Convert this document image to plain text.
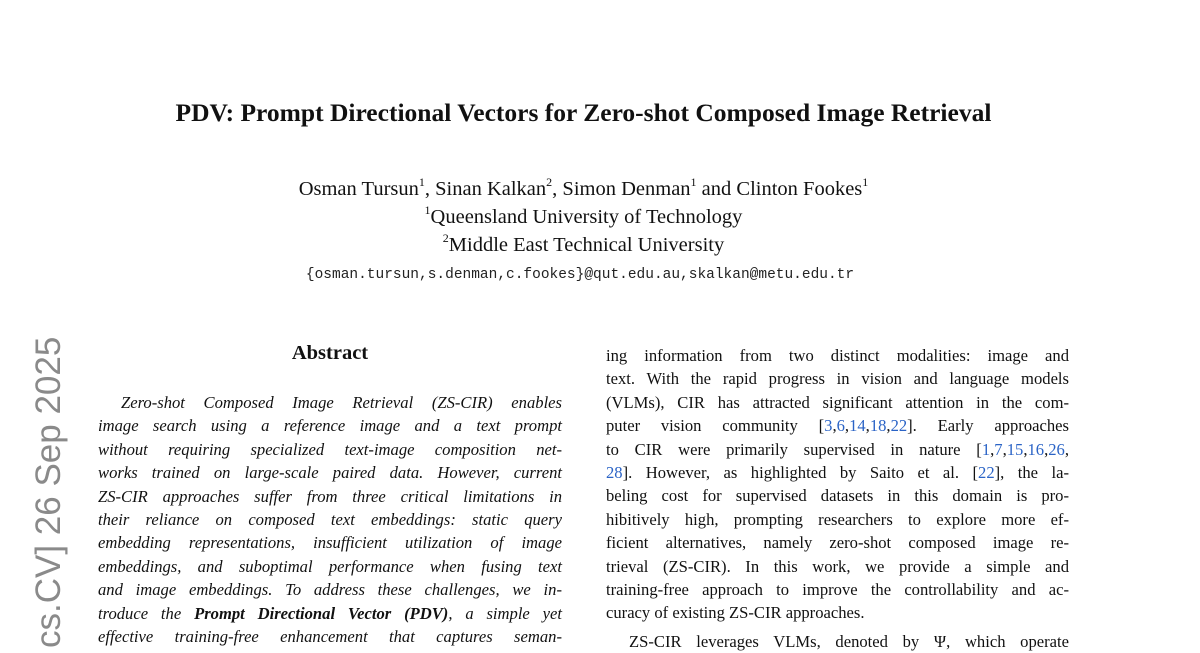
cs.CV] 26 Sep 2025
PDV: Prompt Directional Vectors for Zero-shot Composed Image Retrieval
Osman Tursun$^1$, Sinan Kalkan$^2$, Simon Denman$^1$ and Clinton Fookes$^1$
$^1$Queensland University of Technology
$^2$Middle East Technical University
{osman.tursun,s.denman,c.fookes}@qut.edu.au,skalkan@metu.edu.tr
Abstract
Zero-shot Composed Image Retrieval (ZS-CIR) enables
image search using a reference image and a text prompt
without requiring specialized text-image composition net-
works trained on large-scale paired data. However, current
ZS-CIR approaches suffer from three critical limitations in
their reliance on composed text embeddings: static query
embedding representations, insufficient utilization of image
embeddings, and suboptimal performance when fusing text
and image embeddings. To address these challenges, we in-
troduce the Prompt Directional Vector (PDV), a simple yet
effective training-free enhancement that captures seman-
ing information from two distinct modalities: image and
text. With the rapid progress in vision and language models
(VLMs), CIR has attracted significant attention in the com-
puter vision community [3,6,14,18,22]. Early approaches
to CIR were primarily supervised in nature [1,7,15,16,26,
28]. However, as highlighted by Saito et al. [22], the la-
beling cost for supervised datasets in this domain is pro-
hibitively high, prompting researchers to explore more ef-
ficient alternatives, namely zero-shot composed image re-
trieval (ZS-CIR). In this work, we provide a simple and
training-free approach to improve the controllability and ac-
curacy of existing ZS-CIR approaches.
ZS-CIR leverages VLMs, denoted by Ψ, which operate
